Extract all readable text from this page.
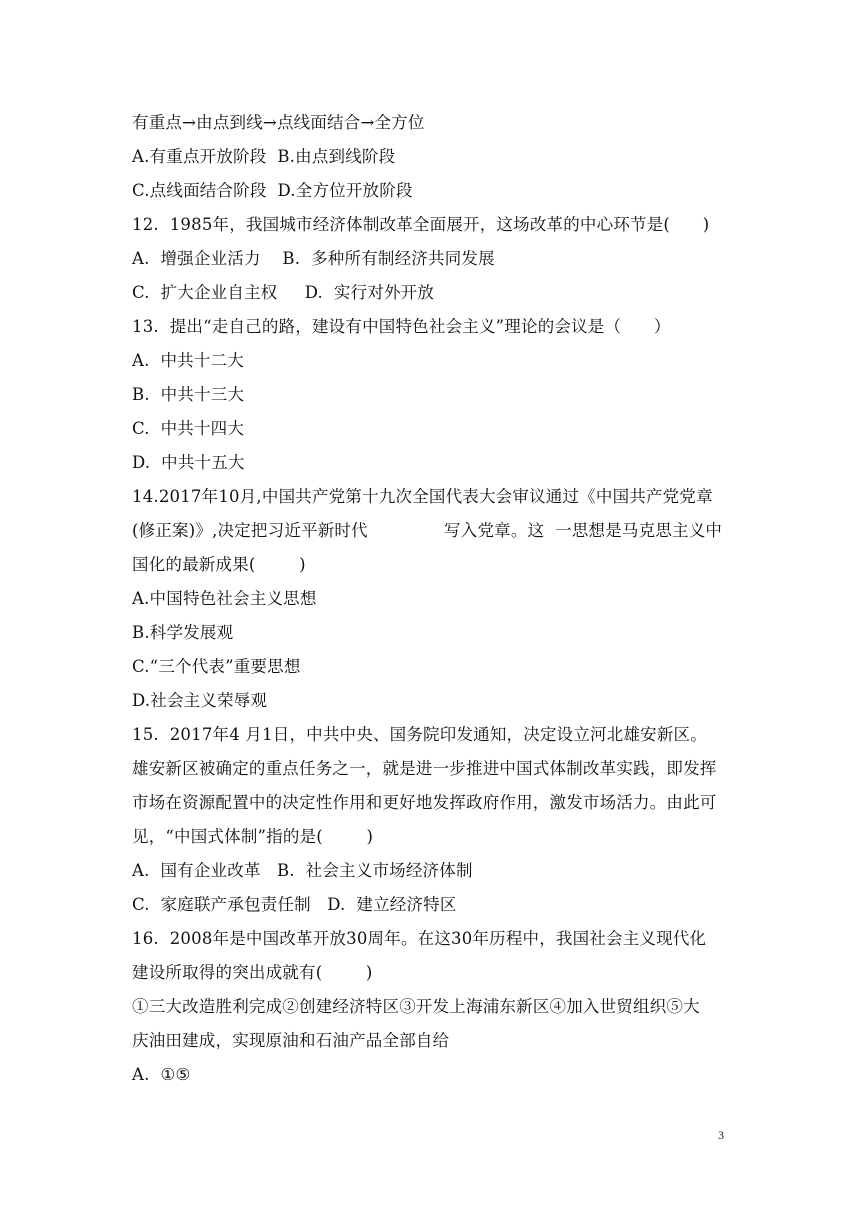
有重点→由点到线→点线面结合→全方位
A.有重点开放阶段  B.由点到线阶段
C.点线面结合阶段  D.全方位开放阶段
12.  1985年，我国城市经济体制改革全面展开，这场改革的中心环节是(      )
A.  增强企业活力    B.  多种所有制经济共同发展
C.  扩大企业自主权     D.  实行对外开放
13.  提出“走自己的路，建设有中国特色社会主义”理论的会议是（      ）
A.  中共十二大
B.  中共十三大
C.  中共十四大
D.  中共十五大
14.2017年10月,中国共产党第十九次全国代表大会审议通过《中国共产党党章
(修正案)》,决定把习近平新时代              写入党章。这  一思想是马克思主义中
国化的最新成果(        )
A.中国特色社会主义思想
B.科学发展观
C.“三个代表”重要思想
D.社会主义荣辱观
15.  2017年4 月1日，中共中央、国务院印发通知，决定设立河北雄安新区。
雄安新区被确定的重点任务之一，就是进一步推进中国式体制改革实践，即发挥
市场在资源配置中的决定性作用和更好地发挥政府作用，激发市场活力。由此可
见，“中国式体制”指的是(        )
A.  国有企业改革   B.  社会主义市场经济体制
C.  家庭联产承包责任制   D.  建立经济特区
16.  2008年是中国改革开放30周年。在这30年历程中，我国社会主义现代化
建设所取得的突出成就有(        )
①三大改造胜利完成②创建经济特区③开发上海浦东新区④加入世贸组织⑤大
庆油田建成，实现原油和石油产品全部自给
A.  ①⑤
3
